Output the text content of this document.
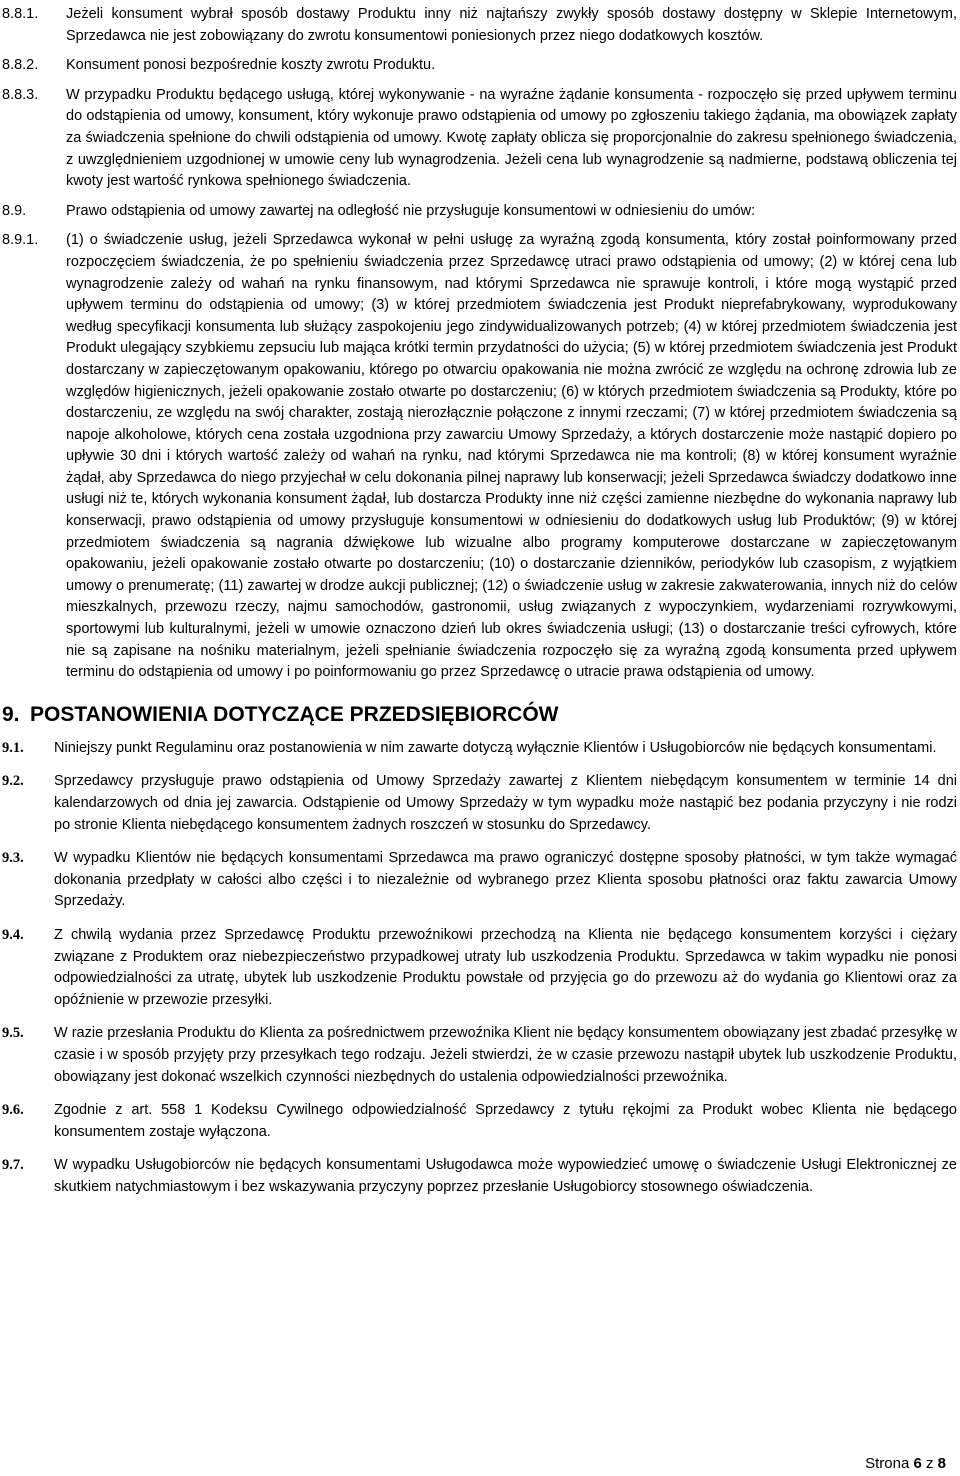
8.8.1.	Jeżeli konsument wybrał sposób dostawy Produktu inny niż najtańszy zwykły sposób dostawy dostępny w Sklepie Internetowym, Sprzedawca nie jest zobowiązany do zwrotu konsumentowi poniesionych przez niego dodatkowych kosztów.
8.8.2.	Konsument ponosi bezpośrednie koszty zwrotu Produktu.
8.8.3.	W przypadku Produktu będącego usługą, której wykonywanie - na wyraźne żądanie konsumenta - rozpoczęło się przed upływem terminu do odstąpienia od umowy, konsument, który wykonuje prawo odstąpienia od umowy po zgłoszeniu takiego żądania, ma obowiązek zapłaty za świadczenia spełnione do chwili odstąpienia od umowy. Kwotę zapłaty oblicza się proporcjonalnie do zakresu spełnionego świadczenia, z uwzględnieniem uzgodnionej w umowie ceny lub wynagrodzenia. Jeżeli cena lub wynagrodzenie są nadmierne, podstawą obliczenia tej kwoty jest wartość rynkowa spełnionego świadczenia.
8.9.	Prawo odstąpienia od umowy zawartej na odległość nie przysługuje konsumentowi w odniesieniu do umów:
8.9.1.	(1) o świadczenie usług, jeżeli Sprzedawca wykonał w pełni usługę za wyraźną zgodą konsumenta, który został poinformowany przed rozpoczęciem świadczenia, że po spełnieniu świadczenia przez Sprzedawcę utraci prawo odstąpienia od umowy; (2) w której cena lub wynagrodzenie zależy od wahań na rynku finansowym, nad którymi Sprzedawca nie sprawuje kontroli, i które mogą wystąpić przed upływem terminu do odstąpienia od umowy; (3) w której przedmiotem świadczenia jest Produkt nieprefabrykowany, wyprodukowany według specyfikacji konsumenta lub służący zaspokojeniu jego zindywidualizowanych potrzeb; (4) w której przedmiotem świadczenia jest Produkt ulegający szybkiemu zepsuciu lub mająca krótki termin przydatności do użycia; (5) w której przedmiotem świadczenia jest Produkt dostarczany w zapieczętowanym opakowaniu, którego po otwarciu opakowania nie można zwrócić ze względu na ochronę zdrowia lub ze względów higienicznych, jeżeli opakowanie zostało otwarte po dostarczeniu; (6) w których przedmiotem świadczenia są Produkty, które po dostarczeniu, ze względu na swój charakter, zostają nierozłącznie połączone z innymi rzeczami; (7) w której przedmiotem świadczenia są napoje alkoholowe, których cena została uzgodniona przy zawarciu Umowy Sprzedaży, a których dostarczenie może nastąpić dopiero po upływie 30 dni i których wartość zależy od wahań na rynku, nad którymi Sprzedawca nie ma kontroli; (8) w której konsument wyraźnie żądał, aby Sprzedawca do niego przyjechał w celu dokonania pilnej naprawy lub konserwacji; jeżeli Sprzedawca świadczy dodatkowo inne usługi niż te, których wykonania konsument żądał, lub dostarcza Produkty inne niż części zamienne niezbędne do wykonania naprawy lub konserwacji, prawo odstąpienia od umowy przysługuje konsumentowi w odniesieniu do dodatkowych usług lub Produktów; (9) w której przedmiotem świadczenia są nagrania dźwiękowe lub wizualne albo programy komputerowe dostarczane w zapieczętowanym opakowaniu, jeżeli opakowanie zostało otwarte po dostarczeniu; (10) o dostarczanie dzienników, periodyków lub czasopism, z wyjątkiem umowy o prenumeratę; (11) zawartej w drodze aukcji publicznej; (12) o świadczenie usług w zakresie zakwaterowania, innych niż do celów mieszkalnych, przewozu rzeczy, najmu samochodów, gastronomii, usług związanych z wypoczynkiem, wydarzeniami rozrywkowymi, sportowymi lub kulturalnymi, jeżeli w umowie oznaczono dzień lub okres świadczenia usługi; (13) o dostarczanie treści cyfrowych, które nie są zapisane na nośniku materialnym, jeżeli spełnianie świadczenia rozpoczęło się za wyraźną zgodą konsumenta przed upływem terminu do odstąpienia od umowy i po poinformowaniu go przez Sprzedawcę o utracie prawa odstąpienia od umowy.
9. POSTANOWIENIA DOTYCZĄCE PRZEDSIĘBIORCÓW
9.1.	Niniejszy punkt Regulaminu oraz postanowienia w nim zawarte dotyczą wyłącznie Klientów i Usługobiorców nie będących konsumentami.
9.2.	Sprzedawcy przysługuje prawo odstąpienia od Umowy Sprzedaży zawartej z Klientem niebędącym konsumentem w terminie 14 dni kalendarzowych od dnia jej zawarcia. Odstąpienie od Umowy Sprzedaży w tym wypadku może nastąpić bez podania przyczyny i nie rodzi po stronie Klienta niebędącego konsumentem żadnych roszczeń w stosunku do Sprzedawcy.
9.3.	W wypadku Klientów nie będących konsumentami Sprzedawca ma prawo ograniczyć dostępne sposoby płatności, w tym także wymagać dokonania przedpłaty w całości albo części i to niezależnie od wybranego przez Klienta sposobu płatności oraz faktu zawarcia Umowy Sprzedaży.
9.4.	Z chwilą wydania przez Sprzedawcę Produktu przewoźnikowi przechodzą na Klienta nie będącego konsumentem korzyści i ciężary związane z Produktem oraz niebezpieczeństwo przypadkowej utraty lub uszkodzenia Produktu. Sprzedawca w takim wypadku nie ponosi odpowiedzialności za utratę, ubytek lub uszkodzenie Produktu powstałe od przyjęcia go do przewozu aż do wydania go Klientowi oraz za opóźnienie w przewozie przesyłki.
9.5.	W razie przesłania Produktu do Klienta za pośrednictwem przewoźnika Klient nie będący konsumentem obowiązany jest zbadać przesyłkę w czasie i w sposób przyjęty przy przesyłkach tego rodzaju. Jeżeli stwierdzi, że w czasie przewozu nastąpił ubytek lub uszkodzenie Produktu, obowiązany jest dokonać wszelkich czynności niezbędnych do ustalenia odpowiedzialności przewoźnika.
9.6.	Zgodnie z art. 558 1 Kodeksu Cywilnego odpowiedzialność Sprzedawcy z tytułu rękojmi za Produkt wobec Klienta nie będącego konsumentem zostaje wyłączona.
9.7.	W wypadku Usługobiorców nie będących konsumentami Usługodawca może wypowiedzieć umowę o świadczenie Usługi Elektronicznej ze skutkiem natychmiastowym i bez wskazywania przyczyny poprzez przesłanie Usługobiorcy stosownego oświadczenia.
Strona 6 z 8
